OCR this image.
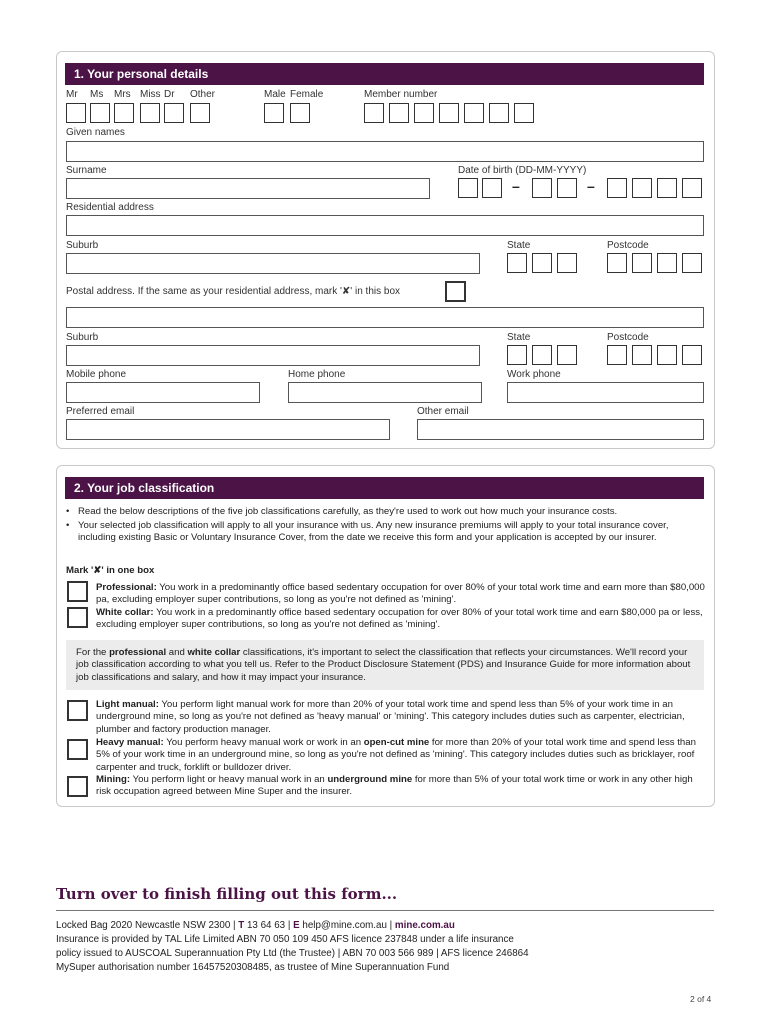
1. Your personal details
Mr Ms Mrs Miss Dr Other	Male Female	Member number
Given names
Surname	Date of birth (DD-MM-YYYY)
–	–
Residential address
Suburb	State	Postcode
Postal address. If the same as your residential address, mark '✘' in this box
Suburb	State	Postcode
Mobile phone	Home phone	Work phone
Preferred email	Other email
2. Your job classification
• Read the below descriptions of the five job classifications carefully, as they're used to work out how much your insurance costs.
• Your selected job classification will apply to all your insurance with us. Any new insurance premiums will apply to your total insurance cover, including existing Basic or Voluntary Insurance Cover, from the date we receive this form and your application is accepted by our insurer.
Mark '✘' in one box
Professional: You work in a predominantly office based sedentary occupation for over 80% of your total work time and earn more than $80,000 pa, excluding employer super contributions, so long as you're not defined as 'mining'.
White collar: You work in a predominantly office based sedentary occupation for over 80% of your total work time and earn $80,000 pa or less, excluding employer super contributions, so long as you're not defined as 'mining'.
For the professional and white collar classifications, it's important to select the classification that reflects your circumstances. We'll record your job classification according to what you tell us. Refer to the Product Disclosure Statement (PDS) and Insurance Guide for more information about job classifications and salary, and how it may impact your insurance.
Light manual: You perform light manual work for more than 20% of your total work time and spend less than 5% of your work time in an underground mine, so long as you're not defined as 'heavy manual' or 'mining'. This category includes duties such as carpenter, electrician, plumber and factory production manager.
Heavy manual: You perform heavy manual work or work in an open-cut mine for more than 20% of your total work time and spend less than 5% of your work time in an underground mine, so long as you're not defined as 'mining'. This category includes duties such as bricklayer, roof carpenter and truck, forklift or bulldozer driver.
Mining: You perform light or heavy manual work in an underground mine for more than 5% of your total work time or work in any other high risk occupation agreed between Mine Super and the insurer.
Turn over to finish filling out this form...
Locked Bag 2020 Newcastle NSW 2300 | T 13 64 63 | E help@mine.com.au | mine.com.au
Insurance is provided by TAL Life Limited ABN 70 050 109 450 AFS licence 237848 under a life insurance
policy issued to AUSCOAL Superannuation Pty Ltd (the Trustee) | ABN 70 003 566 989 | AFS licence 246864
MySuper authorisation number 16457520308485, as trustee of Mine Superannuation Fund
2 of 4
